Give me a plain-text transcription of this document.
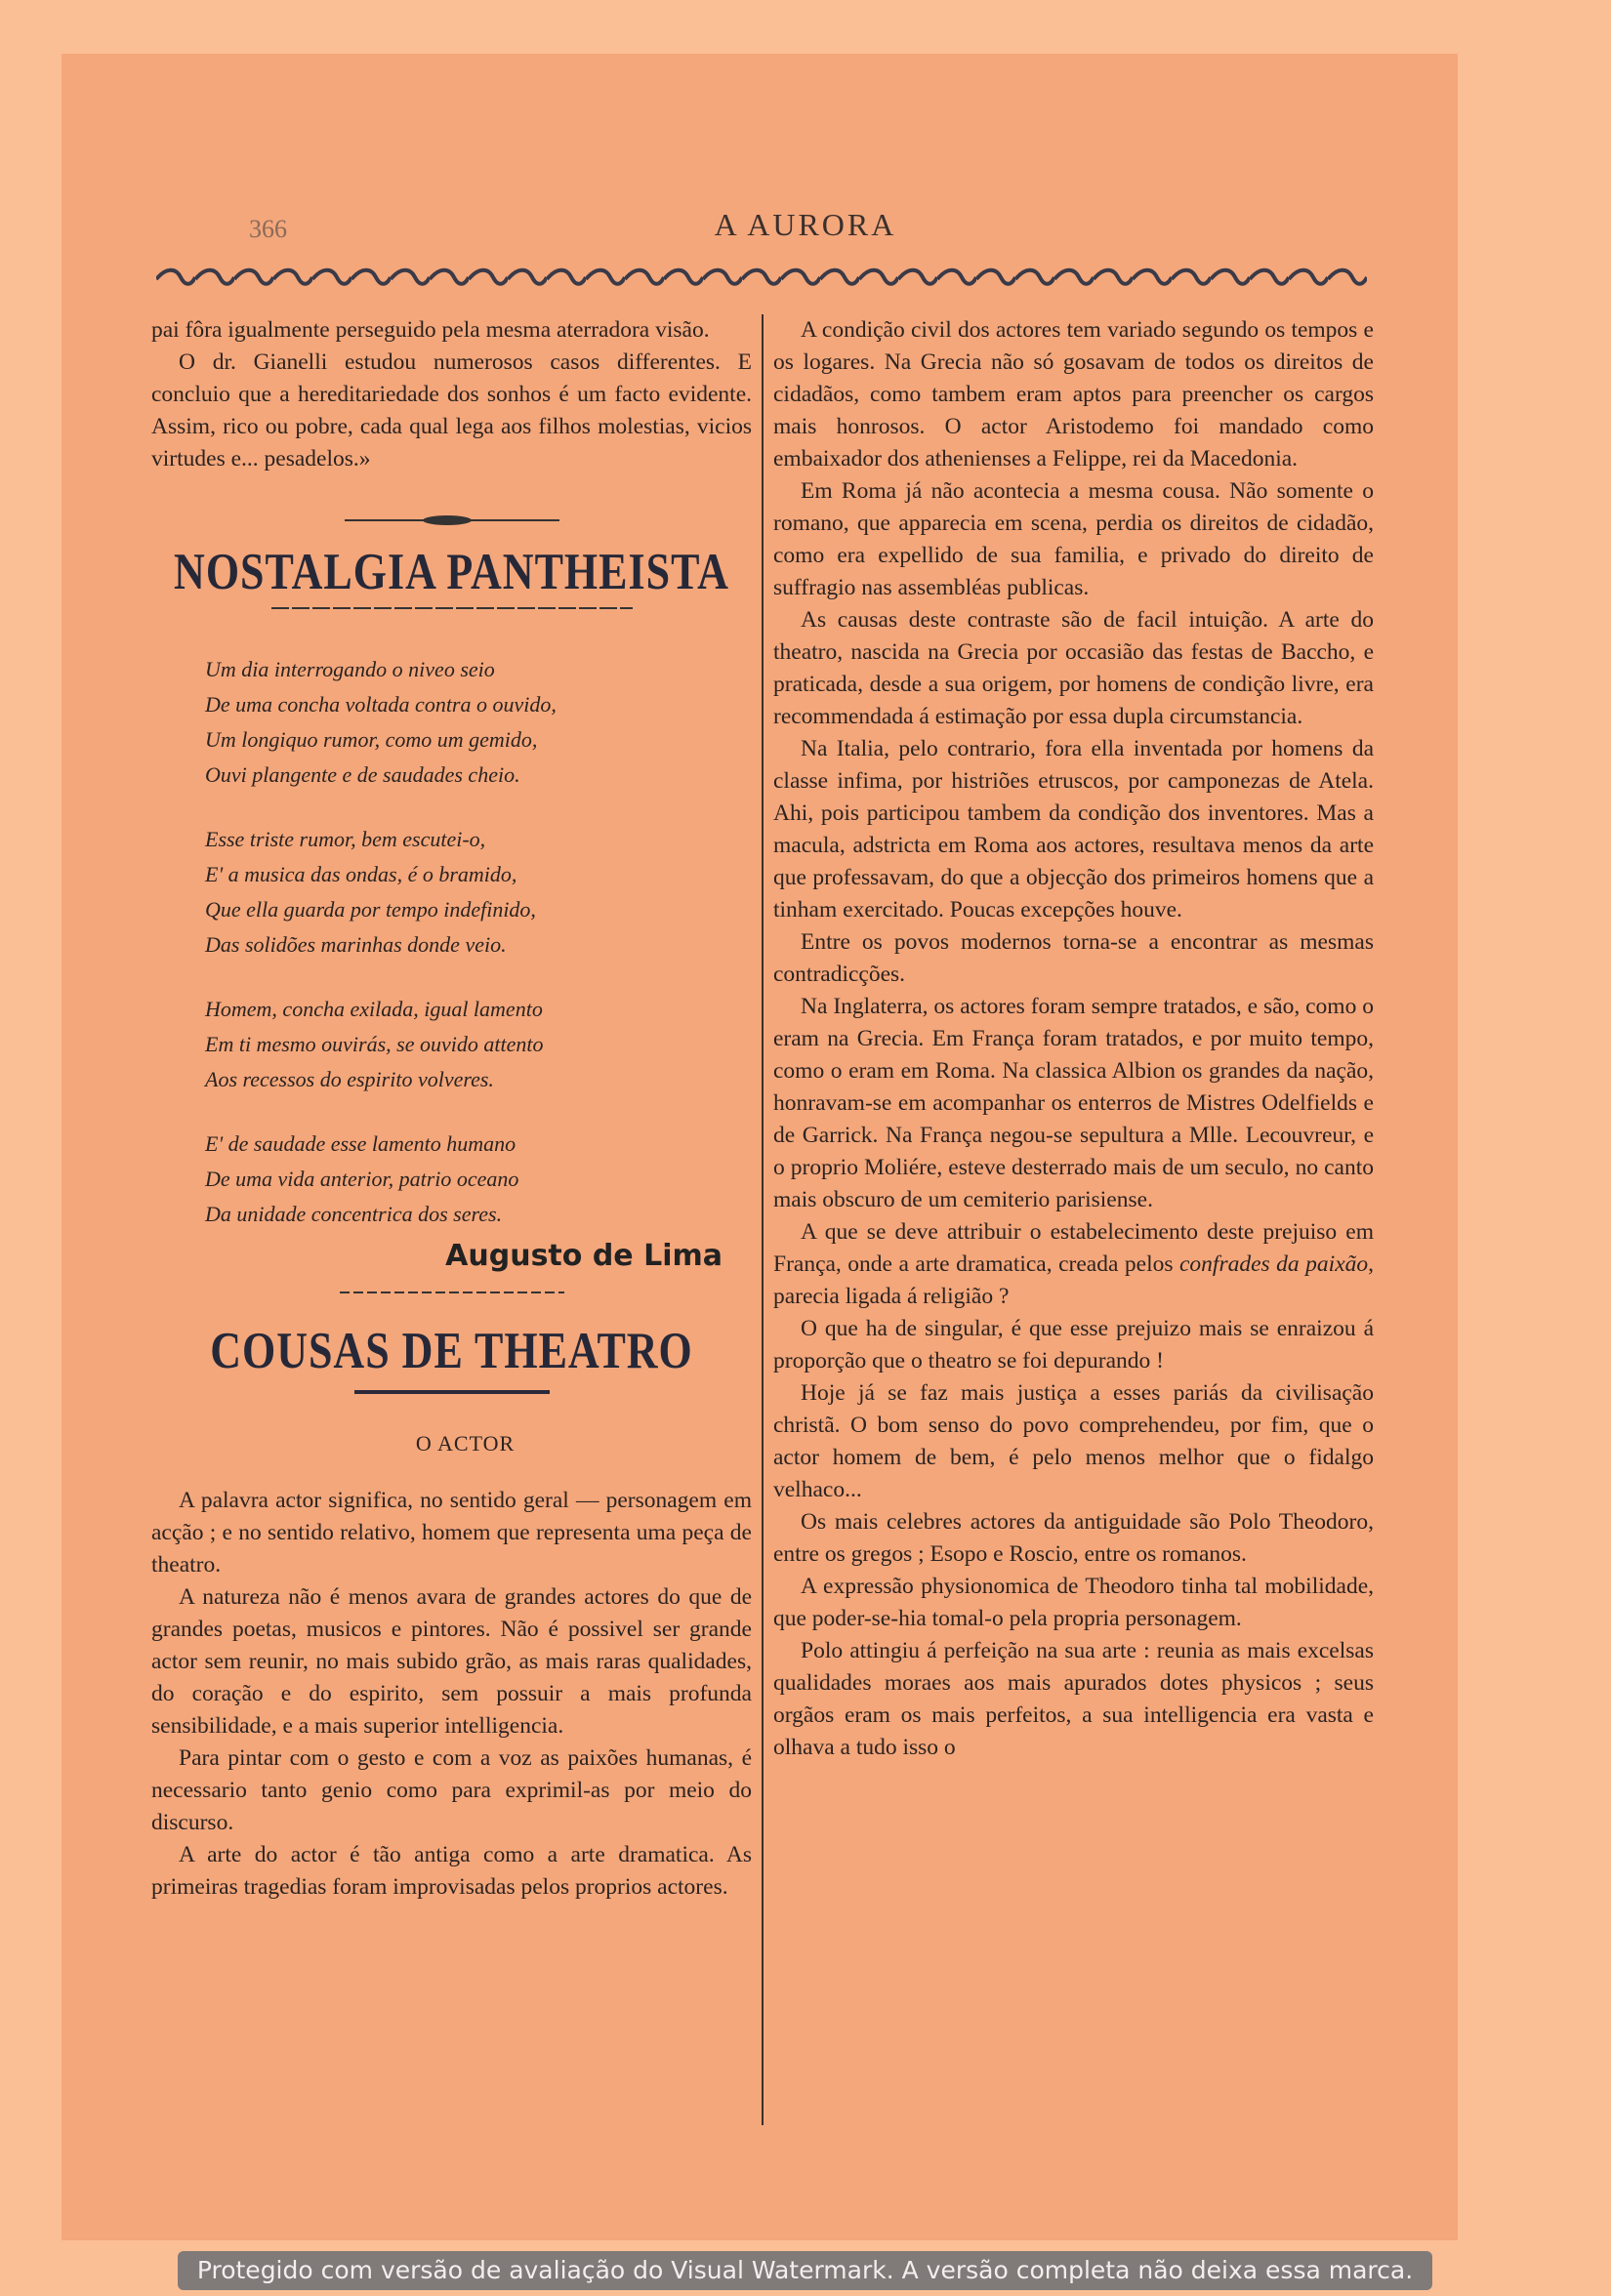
366	A AURORA

pai fôra igualmente perseguido pela mesma aterradora visão.

O dr. Gianelli estudou numerosos casos differentes. E concluio que a hereditariedade dos sonhos é um facto evidente. Assim, rico ou pobre, cada qual lega aos filhos molestias, vicios virtudes e... pesadelos.»

NOSTALGIA PANTHEISTA
Um dia interrogando o niveo seio
De uma concha voltada contra o ouvido,
Um longiquo rumor, como um gemido,
Ouvi plangente e de saudades cheio.
Esse triste rumor, bem escutei-o,
E' a musica das ondas, é o bramido,
Que ella guarda por tempo indefinido,
Das solidões marinhas donde veio.
Homem, concha exilada, igual lamento
Em ti mesmo ouvirás, se ouvido attento
Aos recessos do espirito volveres.
E' de saudade esse lamento humano
De uma vida anterior, patrio oceano
Da unidade concentrica dos seres.
Augusto de Lima
COUSAS DE THEATRO

O ACTOR

A palavra actor significa, no sentido geral — personagem em acção ; e no sentido relativo, homem que representa uma peça de theatro.

A natureza não é menos avara de grandes actores do que de grandes poetas, musicos e pintores. Não é possivel ser grande actor sem reunir, no mais subido grão, as mais raras qualidades, do coração e do espirito, sem possuir a mais profunda sensibilidade, e a mais superior intelligencia.

Para pintar com o gesto e com a voz as paixões humanas, é necessario tanto genio como para exprimil-as por meio do discurso.

A arte do actor é tão antiga como a arte dramatica. As primeiras tragedias foram improvisadas pelos proprios actores.

A condição civil dos actores tem variado segundo os tempos e os logares. Na Grecia não só gosavam de todos os direitos de cidadãos, como tambem eram aptos para preencher os cargos mais honrosos. O actor Aristodemo foi mandado como embaixador dos athenienses a Felippe, rei da Macedonia.

Em Roma já não acontecia a mesma cousa. Não somente o romano, que apparecia em scena, perdia os direitos de cidadão, como era expellido de sua familia, e privado do direito de suffragio nas assembléas publicas.

As causas deste contraste são de facil intuição. A arte do theatro, nascida na Grecia por occasião das festas de Baccho, e praticada, desde a sua origem, por homens de condição livre, era recommendada á estimação por essa dupla circumstancia.

Na Italia, pelo contrario, fora ella inventada por homens da classe infima, por histriões etruscos, por camponezas de Atela. Ahi, pois participou tambem da condição dos inventores. Mas a macula, adstricta em Roma aos actores, resultava menos da arte que professavam, do que a objecção dos primeiros homens que a tinham exercitado. Poucas excepções houve.

Entre os povos modernos torna-se a encontrar as mesmas contradicções.

Na Inglaterra, os actores foram sempre tratados, e são, como o eram na Grecia. Em França foram tratados, e por muito tempo, como o eram em Roma. Na classica Albion os grandes da nação, honravam-se em acompanhar os enterros de Mistres Odelfields e de Garrick. Na França negou-se sepultura a Mlle. Lecouvreur, e o proprio Moliére, esteve desterrado mais de um seculo, no canto mais obscuro de um cemiterio parisiense.

A que se deve attribuir o estabelecimento deste prejuiso em França, onde a arte dramatica, creada pelos confrades da paixão, parecia ligada á religião ?

O que ha de singular, é que esse prejuizo mais se enraizou á proporção que o theatro se foi depurando !

Hoje já se faz mais justiça a esses pariás da civilisação christã. O bom senso do povo comprehendeu, por fim, que o actor homem de bem, é pelo menos melhor que o fidalgo velhaco...

Os mais celebres actores da antiguidade são Polo Theodoro, entre os gregos ; Esopo e Roscio, entre os romanos.

A expressão physionomica de Theodoro tinha tal mobilidade, que poder-se-hia tomal-o pela propria personagem.

Polo attingiu á perfeição na sua arte : reunia as mais excelsas qualidades moraes aos mais apurados dotes physicos ; seus orgãos eram os mais perfeitos, a sua intelligencia era vasta e olhava a tudo isso o

Protegido com versão de avaliação do Visual Watermark. A versão completa não deixa essa marca.
